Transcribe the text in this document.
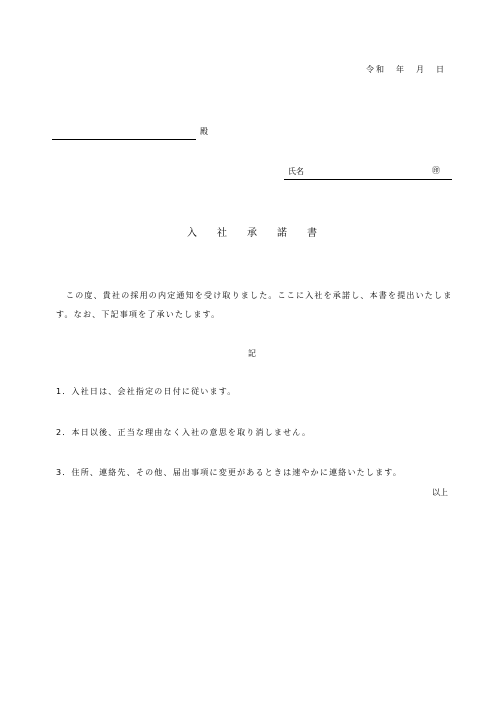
令和 年 月 日
殿
氏名	㊞
入社承諾書
この度、貴社の採用の内定通知を受け取りました。ここに入社を承諾し、本書を提出いたします。なお、下記事項を了承いたします。
記
1．入社日は、会社指定の日付に従います。
2．本日以後、正当な理由なく入社の意思を取り消しません。
3．住所、連絡先、その他、届出事項に変更があるときは速やかに連絡いたします。
以上
